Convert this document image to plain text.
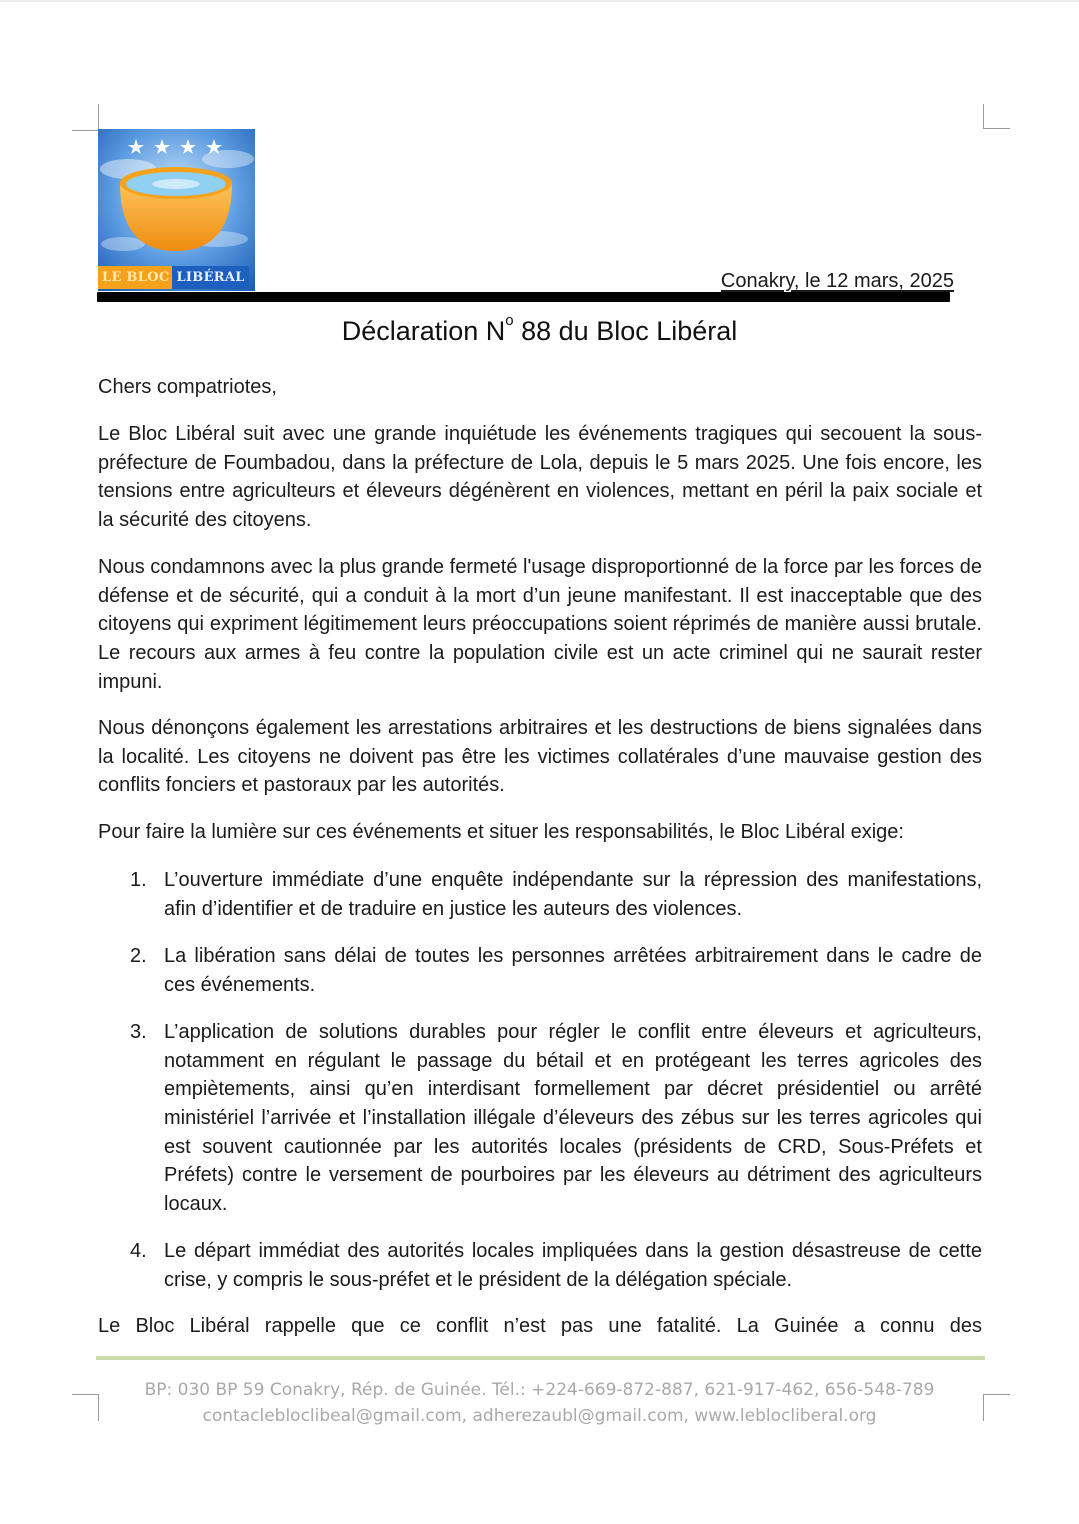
LE BLOC LIBÉRAL	Conakry, le 12 mars, 2025
Déclaration $N^o$ 88 du Bloc Libéral
Chers compatriotes,
Le Bloc Libéral suit avec une grande inquiétude les événements tragiques qui secouent la sous-préfecture de Foumbadou, dans la préfecture de Lola, depuis le 5 mars 2025. Une fois encore, les tensions entre agriculteurs et éleveurs dégénèrent en violences, mettant en péril la paix sociale et la sécurité des citoyens.
Nous condamnons avec la plus grande fermeté l'usage disproportionné de la force par les forces de défense et de sécurité, qui a conduit à la mort d’un jeune manifestant. Il est inacceptable que des citoyens qui expriment légitimement leurs préoccupations soient réprimés de manière aussi brutale. Le recours aux armes à feu contre la population civile est un acte criminel qui ne saurait rester impuni.
Nous dénonçons également les arrestations arbitraires et les destructions de biens signalées dans la localité. Les citoyens ne doivent pas être les victimes collatérales d’une mauvaise gestion des conflits fonciers et pastoraux par les autorités.
Pour faire la lumière sur ces événements et situer les responsabilités, le Bloc Libéral exige:
1. L’ouverture immédiate d’une enquête indépendante sur la répression des manifestations, afin d’identifier et de traduire en justice les auteurs des violences.
2. La libération sans délai de toutes les personnes arrêtées arbitrairement dans le cadre de ces événements.
3. L’application de solutions durables pour régler le conflit entre éleveurs et agriculteurs, notamment en régulant le passage du bétail et en protégeant les terres agricoles des empiètements, ainsi qu’en interdisant formellement par décret présidentiel ou arrêté ministériel l’arrivée et l’installation illégale d’éleveurs des zébus sur les terres agricoles qui est souvent cautionnée par les autorités locales (présidents de CRD, Sous-Préfets et Préfets) contre le versement de pourboires par les éleveurs au détriment des agriculteurs locaux.
4. Le départ immédiat des autorités locales impliquées dans la gestion désastreuse de cette crise, y compris le sous-préfet et le président de la délégation spéciale.
Le Bloc Libéral rappelle que ce conflit n’est pas une fatalité. La Guinée a connu des
BP: 030 BP 59 Conakry, Rép. de Guinée. Tél.: +224-669-872-887, 621-917-462, 656-548-789
contaclebloclibeal@gmail.com, adherezaubl@gmail.com, www.leblocliberal.org
